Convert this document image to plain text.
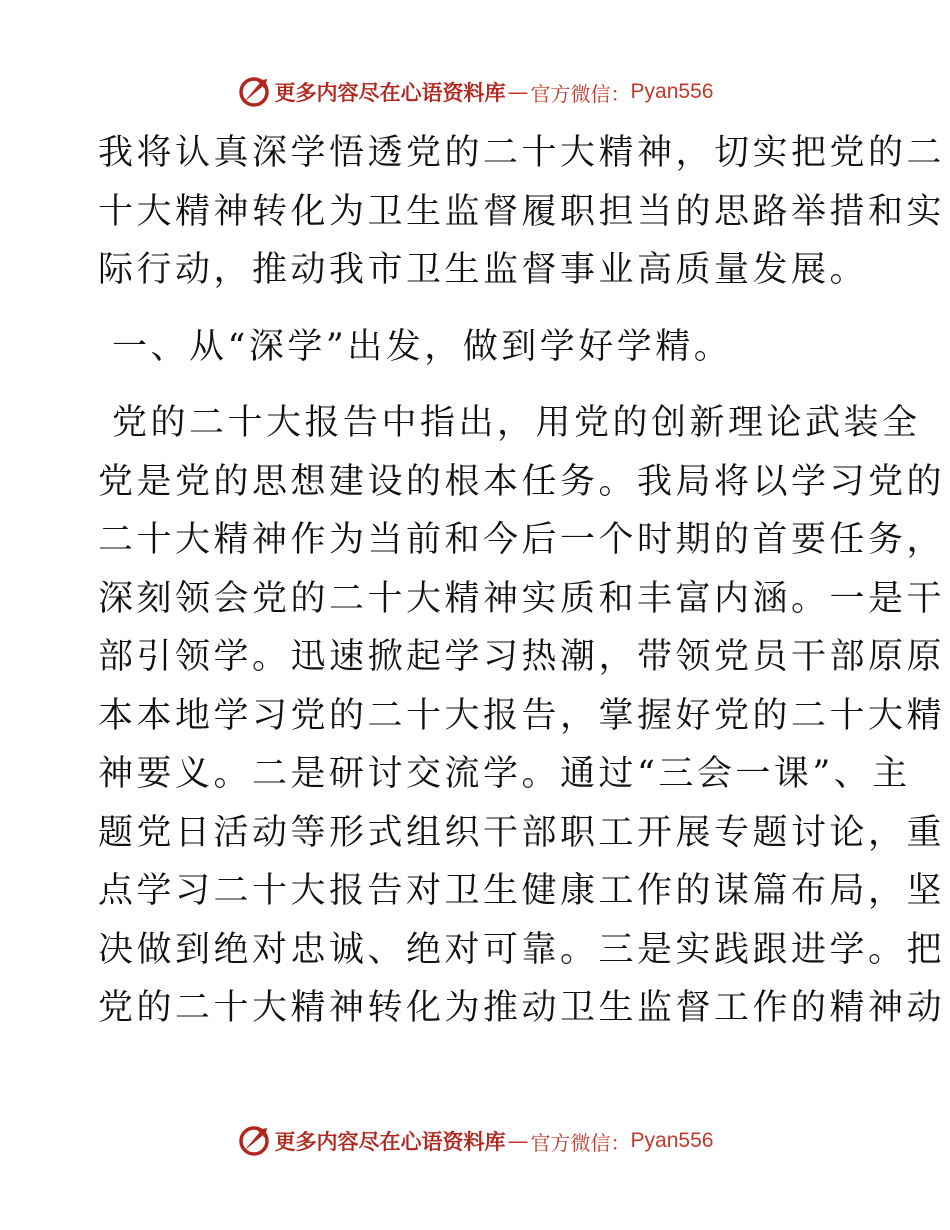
更多内容尽在心语资料库 — 官方微信： Pyan556
我将认真深学悟透党的二十大精神，切实把党的二
十大精神转化为卫生监督履职担当的思路举措和实
际行动，推动我市卫生监督事业高质量发展。
一、从“深学”出发，做到学好学精。
党的二十大报告中指出，用党的创新理论武装全
党是党的思想建设的根本任务。我局将以学习党的
二十大精神作为当前和今后一个时期的首要任务，
深刻领会党的二十大精神实质和丰富内涵。一是干
部引领学。迅速掀起学习热潮，带领党员干部原原
本本地学习党的二十大报告，掌握好党的二十大精
神要义。二是研讨交流学。通过“三会一课”、主
题党日活动等形式组织干部职工开展专题讨论，重
点学习二十大报告对卫生健康工作的谋篇布局，坚
决做到绝对忠诚、绝对可靠。三是实践跟进学。把
党的二十大精神转化为推动卫生监督工作的精神动
更多内容尽在心语资料库 — 官方微信： Pyan556
